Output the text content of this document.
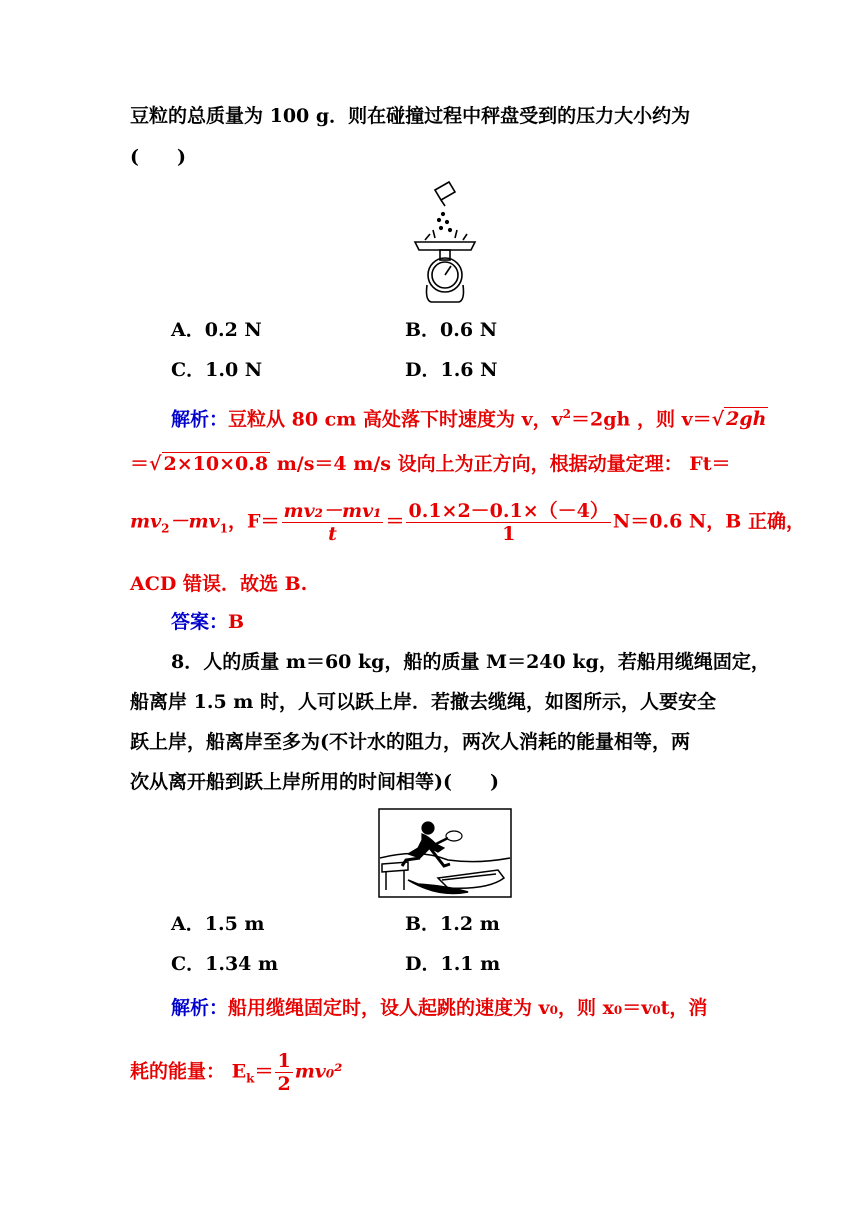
豆粒的总质量为 100 g．则在碰撞过程中秤盘受到的压力大小约为
(　　)
A．0.2 N	B．0.6 N
C．1.0 N	D．1.6 N
解析：豆粒从 80 cm 高处落下时速度为 v，$v^2=2gh$ ，则 v＝√ 2gh
＝√ 2×10×0.8 m/s＝4 m/s 设向上为正方向，根据动量定理： Ft＝
$mv_2-mv_1$，$F= \frac{\text{mv₂－mv₁}}{t} = \frac{0.1\times 2-0.1\times(-4)}{1} N=0.6$ N，B 正确，
ACD 错误．故选 B.
答案：B
8．人的质量 m＝60 kg，船的质量 M＝240 kg，若船用缆绳固定，
船离岸 1.5 m 时，人可以跃上岸．若撤去缆绳，如图所示，人要安全
跃上岸，船离岸至多为(不计水的阻力，两次人消耗的能量相等，两
次从离开船到跃上岸所用的时间相等)(　　)
A．1.5 m	B．1.2 m
C．1.34 m	D．1.1 m
解析：船用缆绳固定时，设人起跳的速度为 v₀，则 x₀＝v₀t，消
耗的能量： $E_k= \frac{1}{2} mv_0^2$
